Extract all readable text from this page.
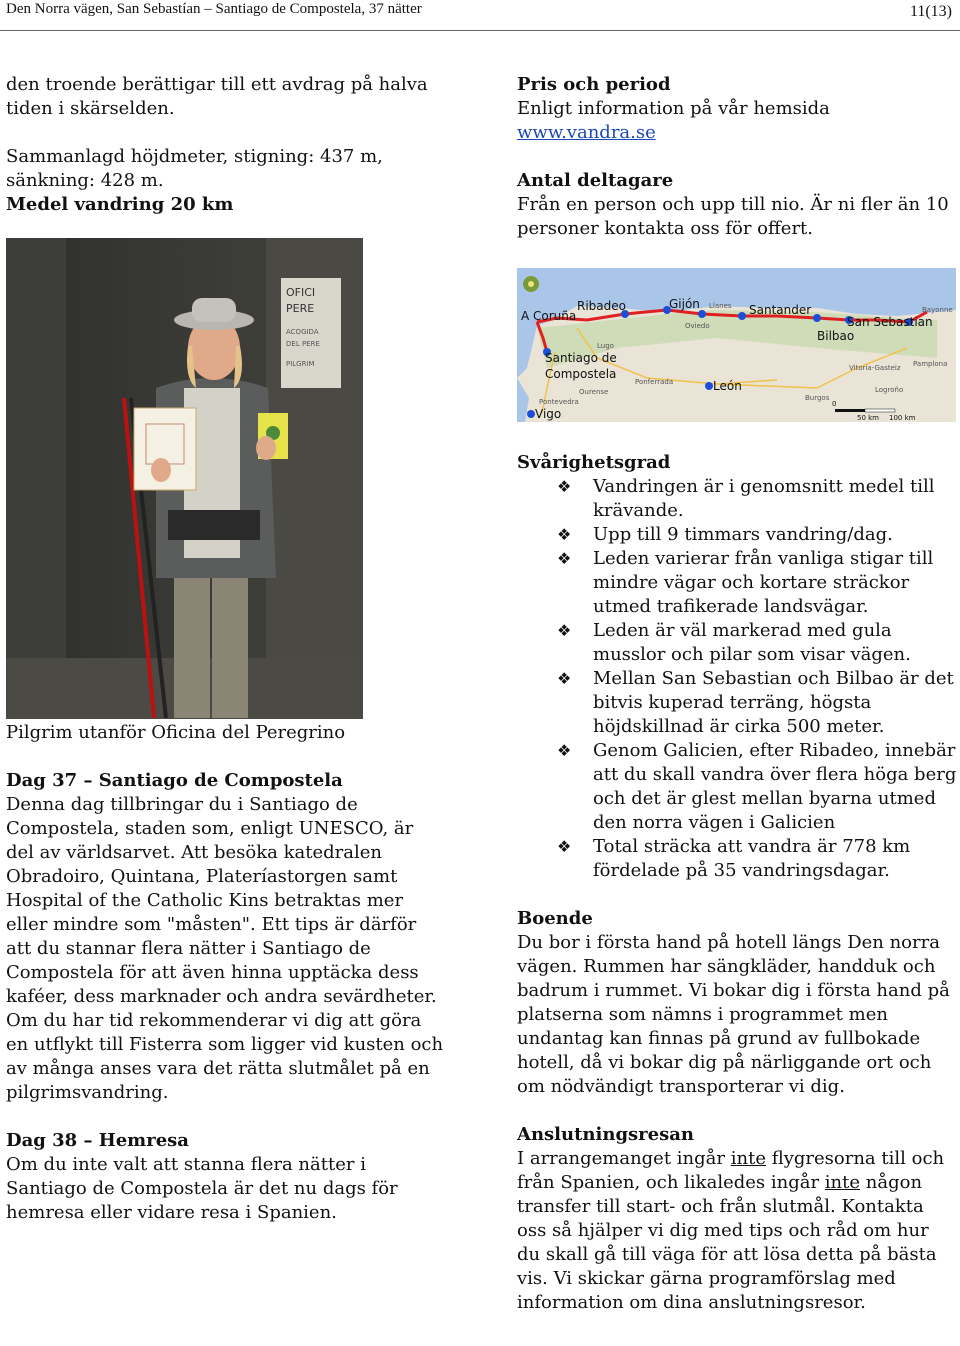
Den Norra vägen, San Sebastían – Santiago de Compostela, 37 nätter	11(13)

den troende berättigar till ett avdrag på halva tiden i skärselden.

Sammanlagd höjdmeter, stigning: 437 m, sänkning: 428 m.

Medel vandring 20 km

Pris och period

Enligt information på vår hemsida

www.vandra.se

Antal deltagare

Från en person och upp till nio. Är ni fler än 10 personer kontakta oss för offert.

OFICI
PERE
ACOGIDA
DEL PERE
PILGRIM
Pilgrim utanför Oficina del Peregrino
A Coruña
Ribadeo	Gijón	Santander
San Sebastian
Bilbao
Santiago de
Compostela
León
Vigo
Lugo
Oviedo
Llanes	Bayonne
Pamplona
Burgos
Logroño
Vitoria-Gasteiz
Ponferrada
Pontevedra
Ourense
0
50 km 100 km

Dag 37 – Santiago de Compostela

Denna dag tillbringar du i Santiago de Compostela, staden som, enligt UNESCO, är del av världsarvet. Att besöka katedralen Obradoiro, Quintana, Plateríastorgen samt Hospital of the Catholic Kins betraktas mer eller mindre som "måsten". Ett tips är därför att du stannar flera nätter i Santiago de Compostela för att även hinna upptäcka dess kaféer, dess marknader och andra sevärdheter. Om du har tid rekommenderar vi dig att göra en utflykt till Fisterra som ligger vid kusten och av många anses vara det rätta slutmålet på en pilgrimsvandring.

Dag 38 – Hemresa

Om du inte valt att stanna flera nätter i Santiago de Compostela är det nu dags för hemresa eller vidare resa i Spanien.

Svårighetsgrad

❖ Vandringen är i genomsnitt medel till krävande.
❖ Upp till 9 timmars vandring/dag.
❖ Leden varierar från vanliga stigar till mindre vägar och kortare sträckor utmed trafikerade landsvägar.
❖ Leden är väl markerad med gula musslor och pilar som visar vägen.
❖ Mellan San Sebastian och Bilbao är det bitvis kuperad terräng, högsta höjdskillnad är cirka 500 meter.
❖ Genom Galicien, efter Ribadeo, innebär att du skall vandra över flera höga berg och det är glest mellan byarna utmed den norra vägen i Galicien
❖ Total sträcka att vandra är 778 km fördelade på 35 vandringsdagar.

Boende

Du bor i första hand på hotell längs Den norra vägen. Rummen har sängkläder, handduk och badrum i rummet. Vi bokar dig i första hand på platserna som nämns i programmet men undantag kan finnas på grund av fullbokade hotell, då vi bokar dig på närliggande ort och om nödvändigt transporterar vi dig.

Anslutningsresan

I arrangemanget ingår inte flygresorna till och från Spanien, och likaledes ingår inte någon transfer till start- och från slutmål. Kontakta oss så hjälper vi dig med tips och råd om hur du skall gå till väga för att lösa detta på bästa vis. Vi skickar gärna programförslag med information om dina anslutningsresor.
